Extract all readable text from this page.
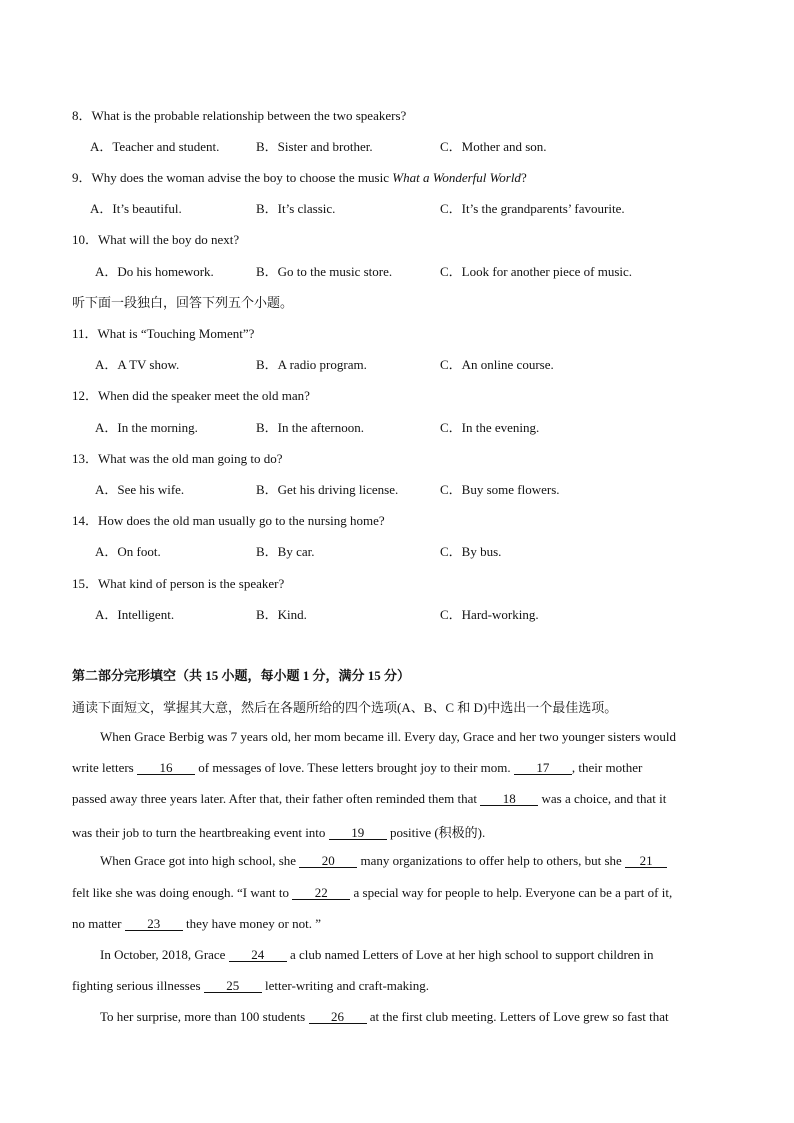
8．What is the probable relationship between the two speakers?
A．Teacher and student.	B．Sister and brother.	C．Mother and son.
9．Why does the woman advise the boy to choose the music What a Wonderful World?
A．It’s beautiful.	B．It’s classic.	C．It’s the grandparents’ favourite.
10．What will the boy do next?
A．Do his homework.	B．Go to the music store.	C．Look for another piece of music.
听下面一段独白，回答下列五个小题。
11．What is “Touching Moment”?
A．A TV show.	B．A radio program.	C．An online course.
12．When did the speaker meet the old man?
A．In the morning.	B．In the afternoon.	C．In the evening.
13．What was the old man going to do?
A．See his wife.	B．Get his driving license.	C．Buy some flowers.
14．How does the old man usually go to the nursing home?
A．On foot.	B．By car.	C．By bus.
15．What kind of person is the speaker?
A．Intelligent.	B．Kind.	C．Hard-working.
第二部分完形填空（共 15 小题，每小题 1 分，满分 15 分）
通读下面短文，掌握其大意，然后在各题所给的四个选项(A、B、C 和 D)中选出一个最佳选项。
When Grace Berbig was 7 years old, her mom became ill. Every day, Grace and her two younger sisters would
write letters 16 of messages of love. These letters brought joy to their mom. 17 , their mother
passed away three years later. After that, their father often reminded them that 18 was a choice, and that it
was their job to turn the heartbreaking event into 19 positive (积极的).
When Grace got into high school, she 20 many organizations to offer help to others, but she 21
felt like she was doing enough. “I want to 22 a special way for people to help. Everyone can be a part of it,
no matter 23 they have money or not. ”
In October, 2018, Grace 24 a club named Letters of Love at her high school to support children in
fighting serious illnesses 25 letter-writing and craft-making.
To her surprise, more than 100 students 26 at the first club meeting. Letters of Love grew so fast that
